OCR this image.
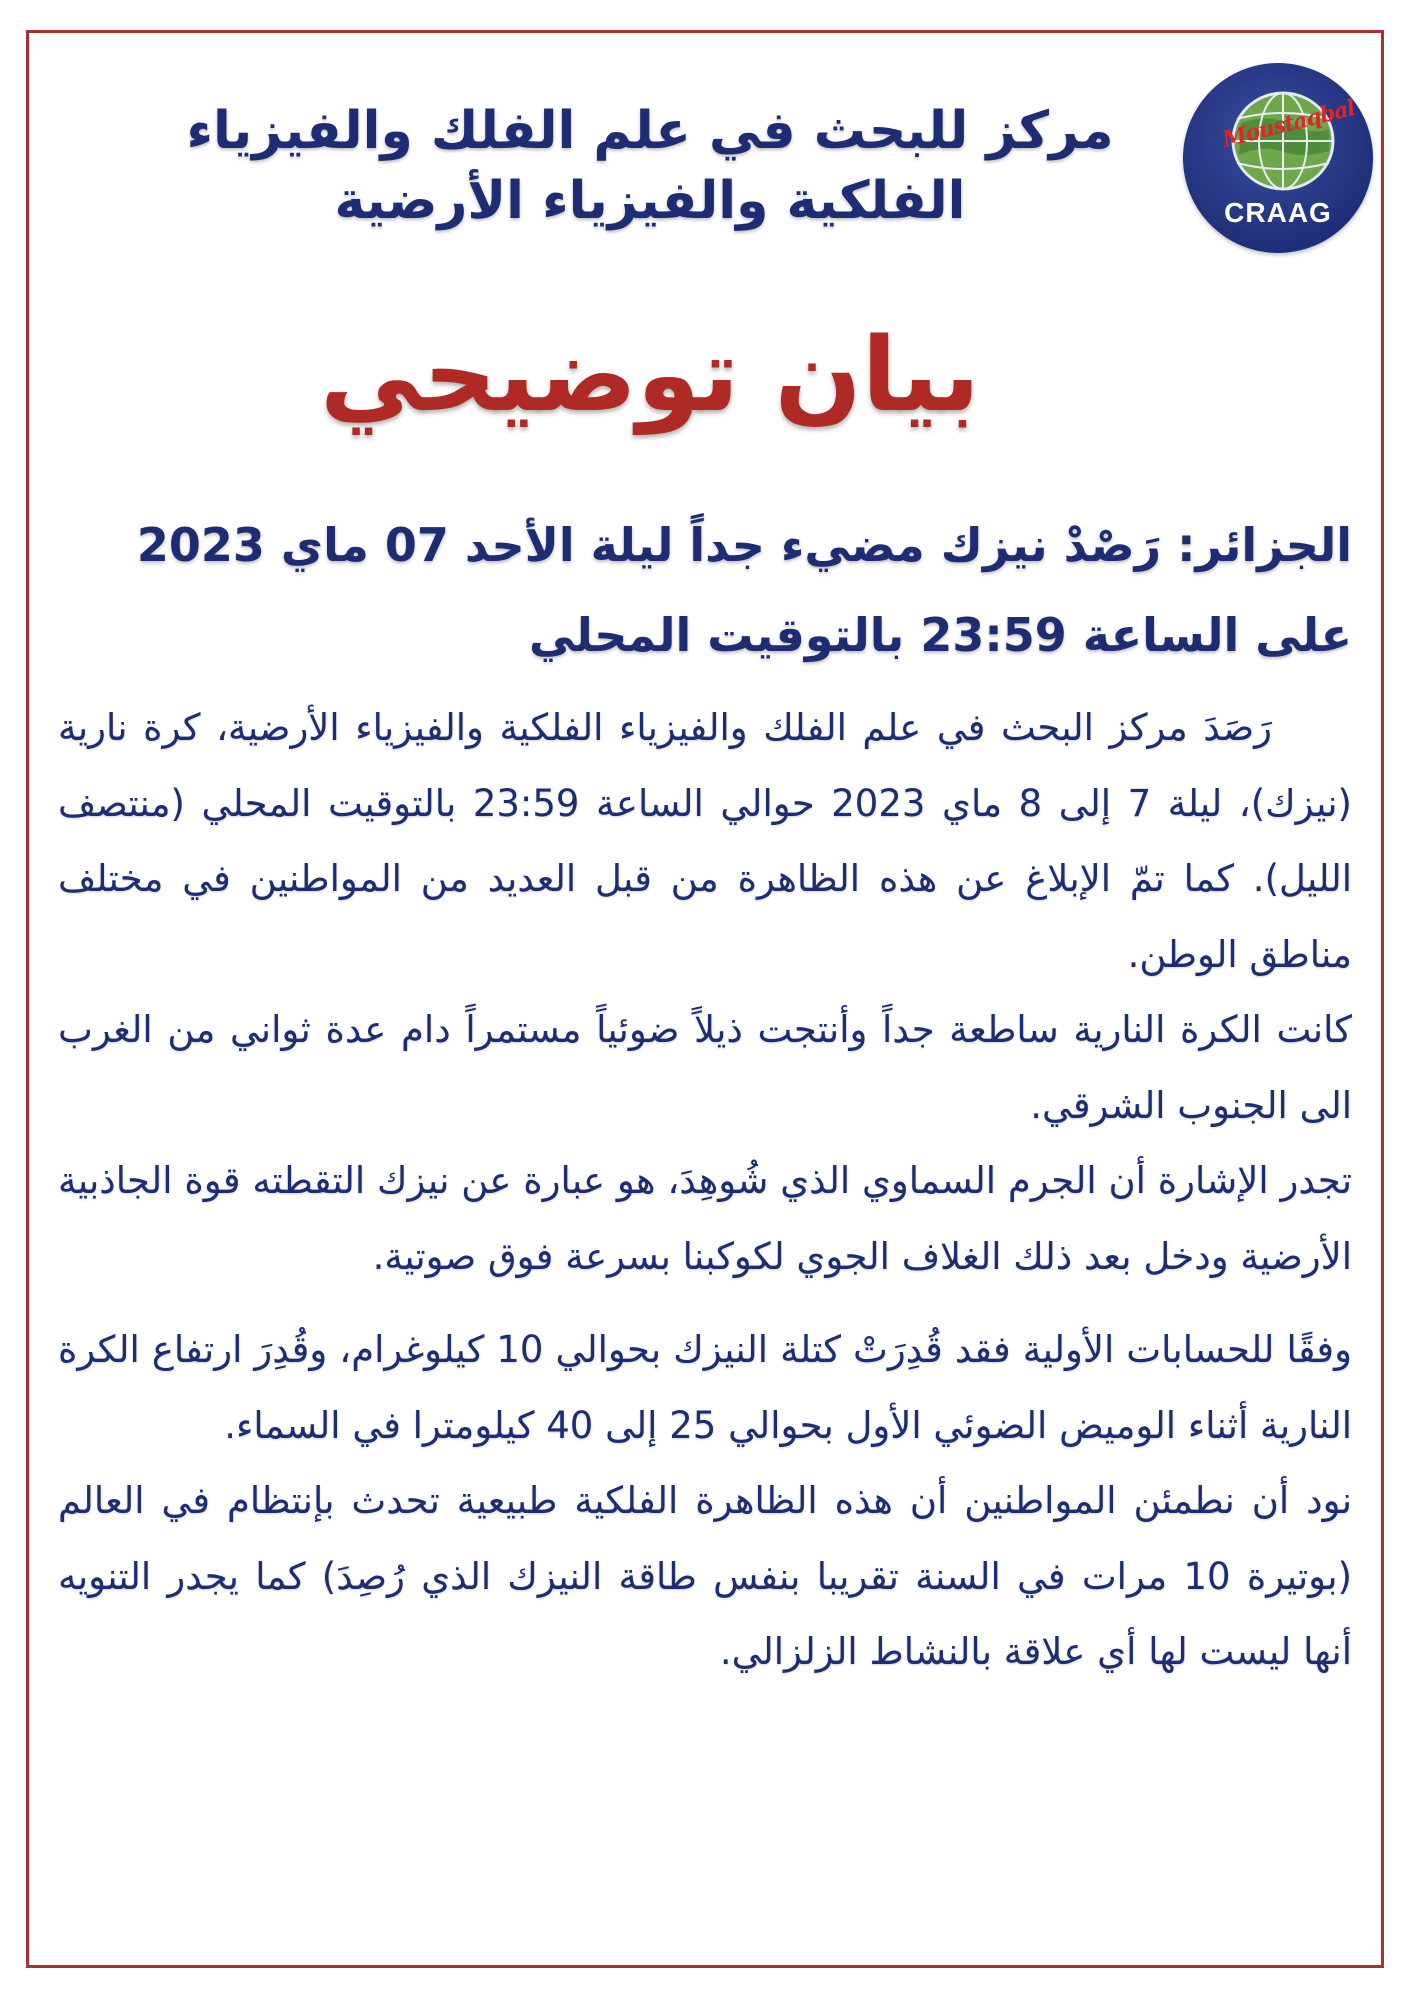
Moustaqbal
CRAAG
مركز للبحث في علم الفلك والفيزياء الفلكية والفيزياء الأرضية
بيان توضيحي
الجزائر: رَصْدْ نيزك مضيء جداً ليلة الأحد 07 ماي 2023 على الساعة 23:59 بالتوقيت المحلي

رَصَدَ مركز البحث في علم الفلك والفيزياء الفلكية والفيزياء الأرضية، كرة نارية (نيزك)، ليلة 7 إلى 8 ماي 2023 حوالي الساعة 23:59 بالتوقيت المحلي (منتصف الليل). كما تمّ الإبلاغ عن هذه الظاهرة من قبل العديد من المواطنين في مختلف مناطق الوطن.

كانت الكرة النارية ساطعة جداً وأنتجت ذيلاً ضوئياً مستمراً دام عدة ثواني من الغرب الى الجنوب الشرقي.

تجدر الإشارة أن الجرم السماوي الذي شُوهِدَ، هو عبارة عن نيزك التقطته قوة الجاذبية الأرضية ودخل بعد ذلك الغلاف الجوي لكوكبنا بسرعة فوق صوتية.

وفقًا للحسابات الأولية فقد قُدِرَتْ كتلة النيزك بحوالي 10 كيلوغرام، وقُدِرَ ارتفاع الكرة النارية أثناء الوميض الضوئي الأول بحوالي 25 إلى 40 كيلومترا في السماء.

نود أن نطمئن المواطنين أن هذه الظاهرة الفلكية طبيعية تحدث بإنتظام في العالم (بوتيرة 10 مرات في السنة تقريبا بنفس طاقة النيزك الذي رُصِدَ) كما يجدر التنويه أنها ليست لها أي علاقة بالنشاط الزلزالي.
